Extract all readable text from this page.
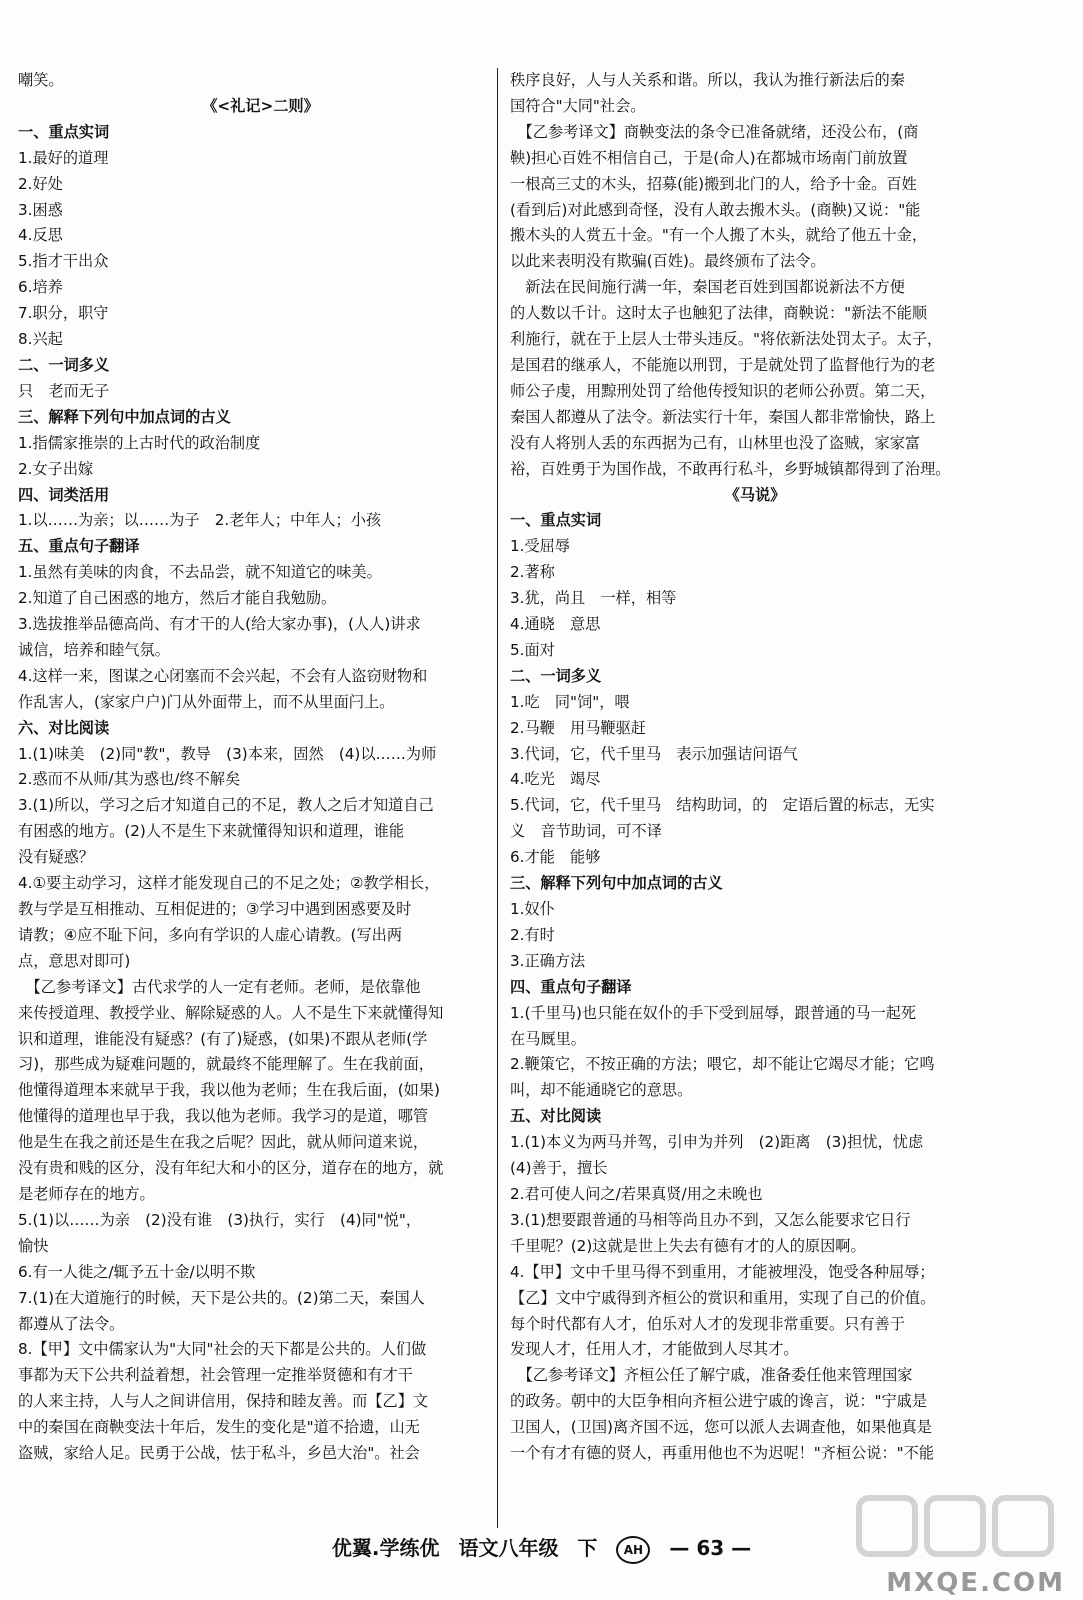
嘲笑。
《<礼记>二则》
一、重点实词
1.最好的道理
2.好处
3.困惑
4.反思
5.指才干出众
6.培养
7.职分，职守
8.兴起
二、一词多义
只　老而无子
三、解释下列句中加点词的古义
1.指儒家推崇的上古时代的政治制度
2.女子出嫁
四、词类活用
1.以……为亲；以……为子　2.老年人；中年人；小孩
五、重点句子翻译
1.虽然有美味的肉食，不去品尝，就不知道它的味美。
2.知道了自己困惑的地方，然后才能自我勉励。
3.选拔推举品德高尚、有才干的人(给大家办事)，(人人)讲求
诚信，培养和睦气氛。
4.这样一来，图谋之心闭塞而不会兴起，不会有人盗窃财物和
作乱害人，(家家户户)门从外面带上，而不从里面闩上。
六、对比阅读
1.(1)味美　(2)同"教"，教导　(3)本来，固然　(4)以……为师
2.惑而不从师/其为惑也/终不解矣
3.(1)所以，学习之后才知道自己的不足，教人之后才知道自己
有困惑的地方。(2)人不是生下来就懂得知识和道理，谁能
没有疑惑？
4.①要主动学习，这样才能发现自己的不足之处；②教学相长，
教与学是互相推动、互相促进的；③学习中遇到困惑要及时
请教；④应不耻下问，多向有学识的人虚心请教。(写出两
点，意思对即可)
　【乙参考译文】古代求学的人一定有老师。老师，是依靠他
来传授道理、教授学业、解除疑惑的人。人不是生下来就懂得知
识和道理，谁能没有疑惑？(有了)疑惑，(如果)不跟从老师(学
习)，那些成为疑难问题的，就最终不能理解了。生在我前面，
他懂得道理本来就早于我，我以他为老师；生在我后面，(如果)
他懂得的道理也早于我，我以他为老师。我学习的是道，哪管
他是生在我之前还是生在我之后呢？因此，就从师问道来说，
没有贵和贱的区分，没有年纪大和小的区分，道存在的地方，就
是老师存在的地方。
5.(1)以……为亲　(2)没有谁　(3)执行，实行　(4)同"悦"，
愉快
6.有一人徙之/辄予五十金/以明不欺
7.(1)在大道施行的时候，天下是公共的。(2)第二天，秦国人
都遵从了法令。
8.【甲】文中儒家认为"大同"社会的天下都是公共的。人们做
事都为天下公共利益着想，社会管理一定推举贤德和有才干
的人来主持，人与人之间讲信用，保持和睦友善。而【乙】文
中的秦国在商鞅变法十年后，发生的变化是"道不拾遗，山无
盗贼，家给人足。民勇于公战，怯于私斗，乡邑大治"。社会
秩序良好，人与人关系和谐。所以，我认为推行新法后的秦
国符合"大同"社会。
　【乙参考译文】商鞅变法的条令已准备就绪，还没公布，(商
鞅)担心百姓不相信自己，于是(命人)在都城市场南门前放置
一根高三丈的木头，招募(能)搬到北门的人，给予十金。百姓
(看到后)对此感到奇怪，没有人敢去搬木头。(商鞅)又说："能
搬木头的人赏五十金。"有一个人搬了木头，就给了他五十金，
以此来表明没有欺骗(百姓)。最终颁布了法令。
　新法在民间施行满一年，秦国老百姓到国都说新法不方便
的人数以千计。这时太子也触犯了法律，商鞅说："新法不能顺
利施行，就在于上层人士带头违反。"将依新法处罚太子。太子，
是国君的继承人，不能施以刑罚，于是就处罚了监督他行为的老
师公子虔，用黥刑处罚了给他传授知识的老师公孙贾。第二天，
秦国人都遵从了法令。新法实行十年，秦国人都非常愉快，路上
没有人将别人丢的东西据为己有，山林里也没了盗贼，家家富
裕，百姓勇于为国作战，不敢再行私斗，乡野城镇都得到了治理。
《马说》
一、重点实词
1.受屈辱
2.著称
3.犹，尚且　一样，相等
4.通晓　意思
5.面对
二、一词多义
1.吃　同"饲"，喂
2.马鞭　用马鞭驱赶
3.代词，它，代千里马　表示加强诘问语气
4.吃光　竭尽
5.代词，它，代千里马　结构助词，的　定语后置的标志，无实
义　音节助词，可不译
6.才能　能够
三、解释下列句中加点词的古义
1.奴仆
2.有时
3.正确方法
四、重点句子翻译
1.(千里马)也只能在奴仆的手下受到屈辱，跟普通的马一起死
在马厩里。
2.鞭策它，不按正确的方法；喂它，却不能让它竭尽才能；它鸣
叫，却不能通晓它的意思。
五、对比阅读
1.(1)本义为两马并驾，引申为并列　(2)距离　(3)担忧，忧虑
(4)善于，擅长
2.君可使人问之/若果真贤/用之未晚也
3.(1)想要跟普通的马相等尚且办不到，又怎么能要求它日行
千里呢？(2)这就是世上失去有德有才的人的原因啊。
4.【甲】文中千里马得不到重用，才能被埋没，饱受各种屈辱；
【乙】文中宁戚得到齐桓公的赏识和重用，实现了自己的价值。
每个时代都有人才，伯乐对人才的发现非常重要。只有善于
发现人才，任用人才，才能做到人尽其才。
　【乙参考译文】齐桓公任了解宁戚，准备委任他来管理国家
的政务。朝中的大臣争相向齐桓公进宁戚的谗言，说："宁戚是
卫国人，(卫国)离齐国不远，您可以派人去调查他，如果他真是
一个有才有德的贤人，再重用他也不为迟呢！"齐桓公说："不能
优翼.学练优 语文八年级 下 AH — 63 —
MXQE.COM
